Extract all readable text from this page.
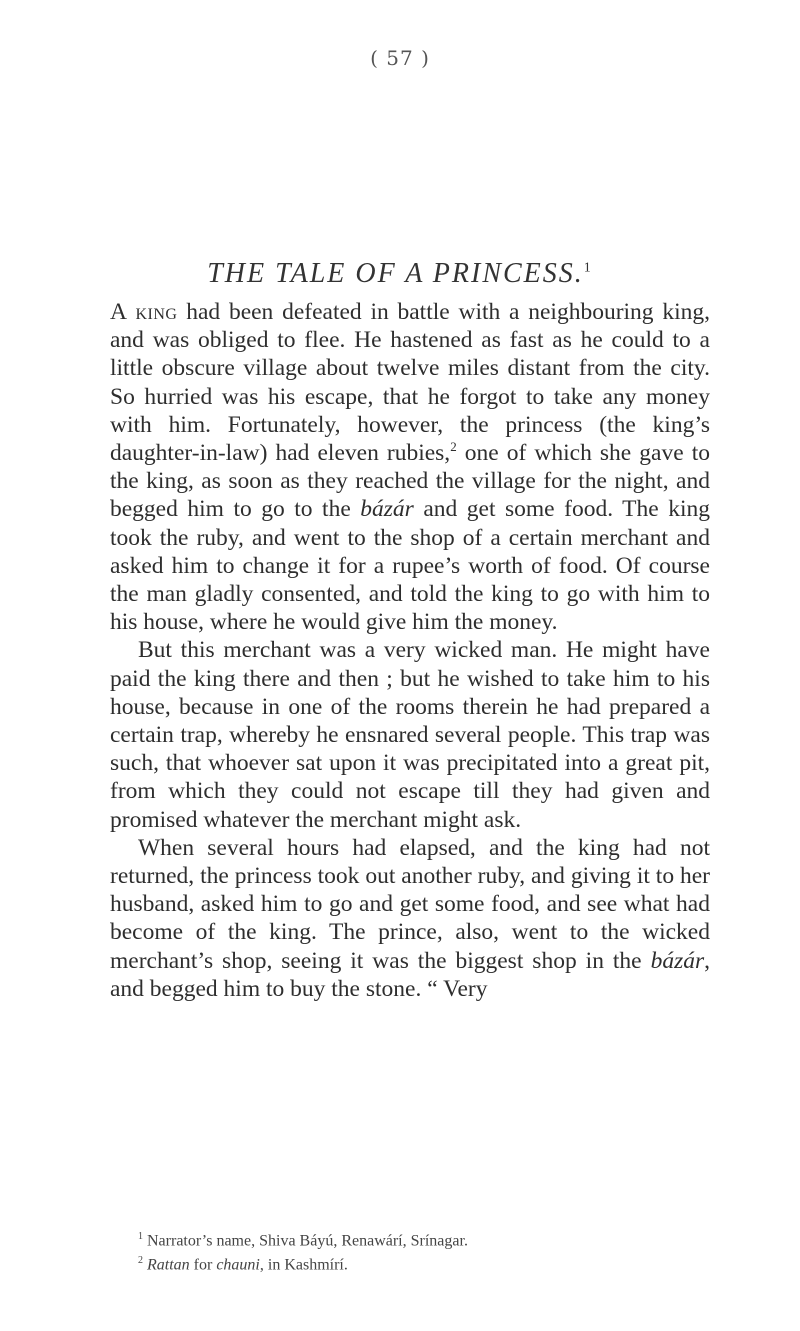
( 57 )
THE TALE OF A PRINCESS.$^1$

A king had been defeated in battle with a neighbouring king, and was obliged to flee. He hastened as fast as he could to a little obscure village about twelve miles distant from the city. So hurried was his escape, that he forgot to take any money with him. Fortunately, however, the princess (the king’s daughter-in-law) had eleven rubies,$^2$ one of which she gave to the king, as soon as they reached the village for the night, and begged him to go to the bázár and get some food. The king took the ruby, and went to the shop of a certain merchant and asked him to change it for a rupee’s worth of food. Of course the man gladly consented, and told the king to go with him to his house, where he would give him the money.

But this merchant was a very wicked man. He might have paid the king there and then ; but he wished to take him to his house, because in one of the rooms therein he had prepared a certain trap, whereby he ensnared several people. This trap was such, that whoever sat upon it was precipitated into a great pit, from which they could not escape till they had given and promised whatever the merchant might ask.

When several hours had elapsed, and the king had not returned, the princess took out another ruby, and giving it to her husband, asked him to go and get some food, and see what had become of the king. The prince, also, went to the wicked merchant’s shop, seeing it was the biggest shop in the bázár, and begged him to buy the stone. “ Very

$^1$ Narrator’s name, Shiva Báyú, Renawárí, Srínagar.
$^2$ Rattan for chauni, in Kashmírí.
